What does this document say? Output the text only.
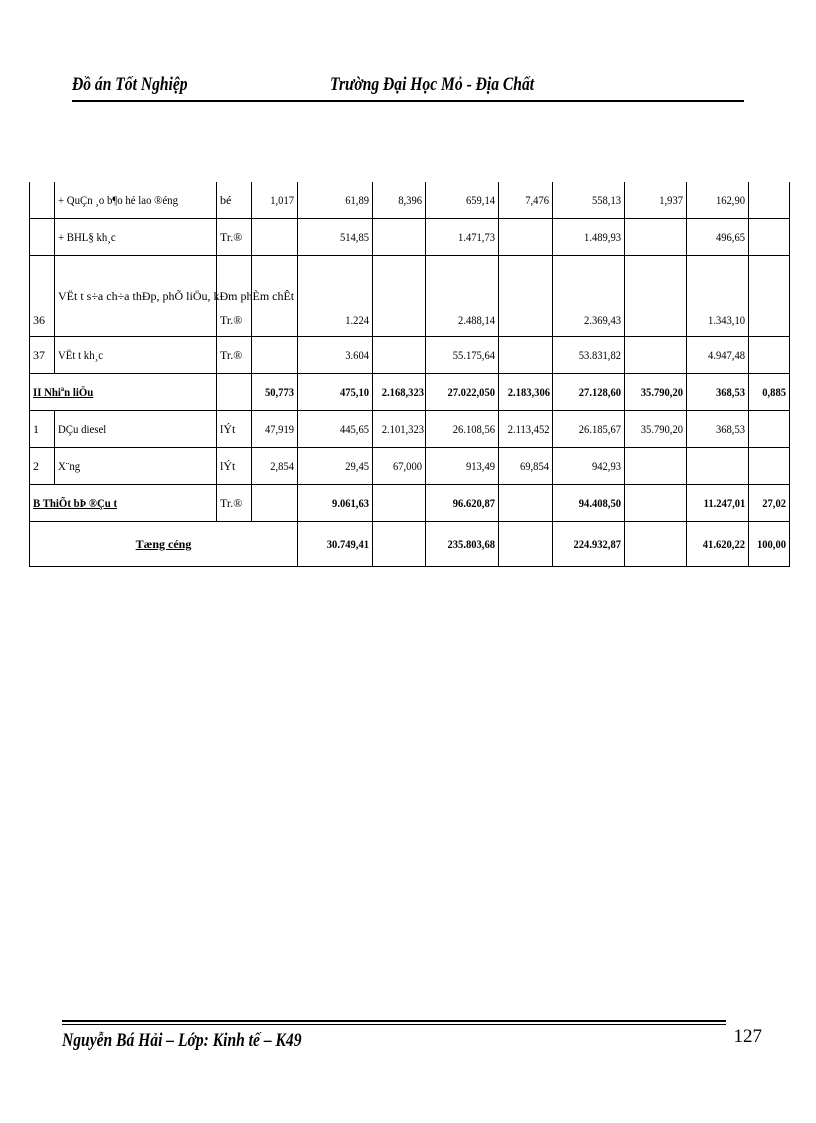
Đồ án Tốt Nghiệp	Trường Đại Học Mỏ - Địa Chất
	+ QuÇn ¸o b¶o hé lao ®éng	bé	1,017	61,89	8,396	659,14	7,476	558,13	1,937	162,90	
	+ BHL§ kh¸c	Tr.®		514,85		1.471,73		1.489,93		496,65	
36	VËt t s÷a ch÷a thÐp, phÕ liÖu, kÐm phÈm chÊt	Tr.®		1.224		2.488,14		2.369,43		1.343,10	
37	VËt t kh¸c	Tr.®		3.604		55.175,64		53.831,82		4.947,48	
II Nhiªn liÖu			50,773	475,10	2.168,323	27.022,050	2.183,306	27.128,60	35.790,20	368,53	0,885
1	DÇu diesel	lÝt	47,919	445,65	2.101,323	26.108,56	2.113,452	26.185,67	35.790,20	368,53	
2	X¨ng	lÝt	2,854	29,45	67,000	913,49	69,854	942,93			
B ThiÕt bÞ ®Çu t		Tr.®		9.061,63		96.620,87		94.408,50		11.247,01	27,02
Tæng céng				30.749,41		235.803,68		224.932,87		41.620,22	100,00
Nguyễn Bá Hải – Lớp: Kinh tế – K49	127
